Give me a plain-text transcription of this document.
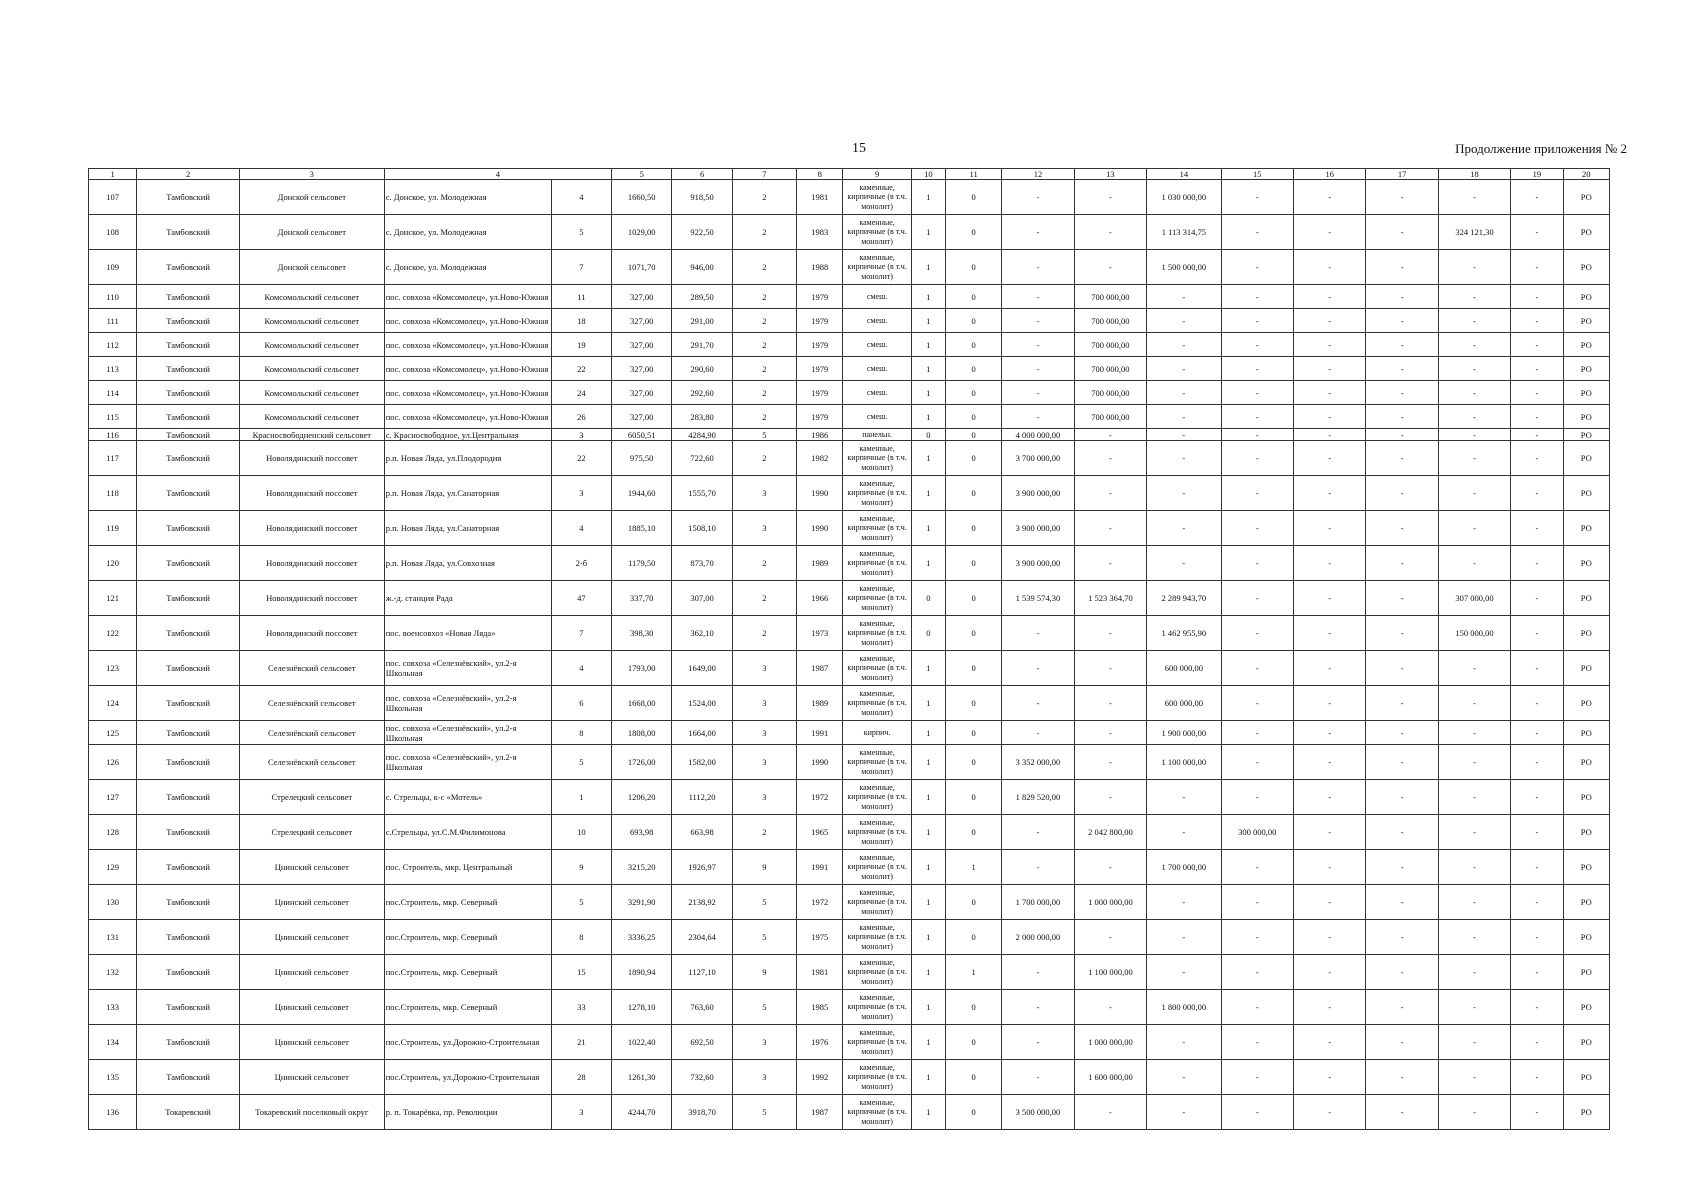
15	Продолжение приложения № 2
1	2	3	4		5	6	7	8	9	10	11	12	13	14	15	16	17	18	19	20
107	Тамбовский	Донской сельсовет	с. Донское, ул. Молодежная	4	1660,50	918,50	2	1981	каменные, кирпичные (в т.ч. монолит)	1	0	-	-	1 030 000,00	-	-	-	-	-	РО
108	Тамбовский	Донской сельсовет	с. Донское, ул. Молодежная	5	1029,00	922,50	2	1983	каменные, кирпичные (в т.ч. монолит)	1	0	-	-	1 113 314,75	-	-	-	324 121,30	-	РО
109	Тамбовский	Донской сельсовет	с. Донское, ул. Молодежная	7	1071,70	946,00	2	1988	каменные, кирпичные (в т.ч. монолит)	1	0	-	-	1 500 000,00	-	-	-	-	-	РО
110	Тамбовский	Комсомольский сельсовет	пос. совхоза «Комсомолец», ул.Ново-Южная	11	327,00	289,50	2	1979	смеш.	1	0	-	700 000,00	-	-	-	-	-	-	РО
111	Тамбовский	Комсомольский сельсовет	пос. совхоза «Комсомолец», ул.Ново-Южная	18	327,00	291,00	2	1979	смеш.	1	0	-	700 000,00	-	-	-	-	-	-	РО
112	Тамбовский	Комсомольский сельсовет	пос. совхоза «Комсомолец», ул.Ново-Южная	19	327,00	291,70	2	1979	смеш.	1	0	-	700 000,00	-	-	-	-	-	-	РО
113	Тамбовский	Комсомольский сельсовет	пос. совхоза «Комсомолец», ул.Ново-Южная	22	327,00	290,60	2	1979	смеш.	1	0	-	700 000,00	-	-	-	-	-	-	РО
114	Тамбовский	Комсомольский сельсовет	пос. совхоза «Комсомолец», ул.Ново-Южная	24	327,00	292,60	2	1979	смеш.	1	0	-	700 000,00	-	-	-	-	-	-	РО
115	Тамбовский	Комсомольский сельсовет	пос. совхоза «Комсомолец», ул.Ново-Южная	26	327,00	283,80	2	1979	смеш.	1	0	-	700 000,00	-	-	-	-	-	-	РО
116	Тамбовский	Красносвободненский сельсовет	с. Красносвободное, ул.Центральная	3	6050,51	4284,90	5	1986	панельн.	0	0	4 000 000,00	-	-	-	-	-	-	-	РО
117	Тамбовский	Новолядинский поссовет	р.п. Новая Ляда, ул.Плодородия	22	975,50	722,60	2	1982	каменные, кирпичные (в т.ч. монолит)	1	0	3 700 000,00	-	-	-	-	-	-	-	РО
118	Тамбовский	Новолядинский поссовет	р.п. Новая Ляда, ул.Санаторная	3	1944,60	1555,70	3	1990	каменные, кирпичные (в т.ч. монолит)	1	0	3 900 000,00	-	-	-	-	-	-	-	РО
119	Тамбовский	Новолядинский поссовет	р.п. Новая Ляда, ул.Санаторная	4	1885,10	1508,10	3	1990	каменные, кирпичные (в т.ч. монолит)	1	0	3 900 000,00	-	-	-	-	-	-	-	РО
120	Тамбовский	Новолядинский поссовет	р.п. Новая Ляда, ул.Совхозная	2-б	1179,50	873,70	2	1989	каменные, кирпичные (в т.ч. монолит)	1	0	3 900 000,00	-	-	-	-	-	-	-	РО
121	Тамбовский	Новолядинский поссовет	ж.-д. станция Рада	47	337,70	307,00	2	1966	каменные, кирпичные (в т.ч. монолит)	0	0	1 539 574,30	1 523 364,70	2 289 943,70	-	-	-	307 000,00	-	РО
122	Тамбовский	Новолядинский поссовет	пос. военсовхоз «Новая Ляда»	7	398,30	362,10	2	1973	каменные, кирпичные (в т.ч. монолит)	0	0	-	-	1 462 955,90	-	-	-	150 000,00	-	РО
123	Тамбовский	Селезнёвский сельсовет	пос. совхоза «Селезнёвский», ул.2-я Школьная	4	1793,00	1649,00	3	1987	каменные, кирпичные (в т.ч. монолит)	1	0	-	-	600 000,00	-	-	-	-	-	РО
124	Тамбовский	Селезнёвский сельсовет	пос. совхоза «Селезнёвский», ул.2-я Школьная	6	1668,00	1524,00	3	1989	каменные, кирпичные (в т.ч. монолит)	1	0	-	-	600 000,00	-	-	-	-	-	РО
125	Тамбовский	Селезнёвский сельсовет	пос. совхоза «Селезнёвский», ул.2-я Школьная	8	1808,00	1664,00	3	1991	кирпич.	1	0	-	-	1 900 000,00	-	-	-	-	-	РО
126	Тамбовский	Селезнёвский сельсовет	пос. совхоза «Селезнёвский», ул.2-я Школьная	5	1726,00	1582,00	3	1990	каменные, кирпичные (в т.ч. монолит)	1	0	3 352 000,00	-	1 100 000,00	-	-	-	-	-	РО
127	Тамбовский	Стрелецкий сельсовет	с. Стрельцы, к-с «Мотель»	1	1206,20	1112,20	3	1972	каменные, кирпичные (в т.ч. монолит)	1	0	1 829 520,00	-	-	-	-	-	-	-	РО
128	Тамбовский	Стрелецкий сельсовет	с.Стрельцы, ул.С.М.Филимонова	10	693,98	663,98	2	1965	каменные, кирпичные (в т.ч. монолит)	1	0	-	2 042 800,00	-	300 000,00	-	-	-	-	РО
129	Тамбовский	Цнинский сельсовет	пос. Строитель, мкр. Центральный	9	3215,20	1926,97	9	1991	каменные, кирпичные (в т.ч. монолит)	1	1	-	-	1 700 000,00	-	-	-	-	-	РО
130	Тамбовский	Цнинский сельсовет	пос.Строитель, мкр. Северный	5	3291,90	2138,92	5	1972	каменные, кирпичные (в т.ч. монолит)	1	0	1 700 000,00	1 000 000,00	-	-	-	-	-	-	РО
131	Тамбовский	Цнинский сельсовет	пос.Строитель, мкр. Северный	8	3336,25	2304,64	5	1975	каменные, кирпичные (в т.ч. монолит)	1	0	2 000 000,00	-	-	-	-	-	-	-	РО
132	Тамбовский	Цнинский сельсовет	пос.Строитель, мкр. Северный	15	1890,94	1127,10	9	1981	каменные, кирпичные (в т.ч. монолит)	1	1	-	1 100 000,00	-	-	-	-	-	-	РО
133	Тамбовский	Цнинский сельсовет	пос.Строитель, мкр. Северный	33	1278,10	763,60	5	1985	каменные, кирпичные (в т.ч. монолит)	1	0	-	-	1 800 000,00	-	-	-	-	-	РО
134	Тамбовский	Цнинский сельсовет	пос.Строитель, ул.Дорожно-Строительная	21	1022,40	692,50	3	1976	каменные, кирпичные (в т.ч. монолит)	1	0	-	1 000 000,00	-	-	-	-	-	-	РО
135	Тамбовский	Цнинский сельсовет	пос.Строитель, ул.Дорожно-Строительная	28	1261,30	732,60	3	1992	каменные, кирпичные (в т.ч. монолит)	1	0	-	1 600 000,00	-	-	-	-	-	-	РО
136	Токаревский	Токаревский поселковый округ	р. п. Токарёвка, пр. Революции	3	4244,70	3918,70	5	1987	каменные, кирпичные (в т.ч. монолит)	1	0	3 500 000,00	-	-	-	-	-	-	-	РО
